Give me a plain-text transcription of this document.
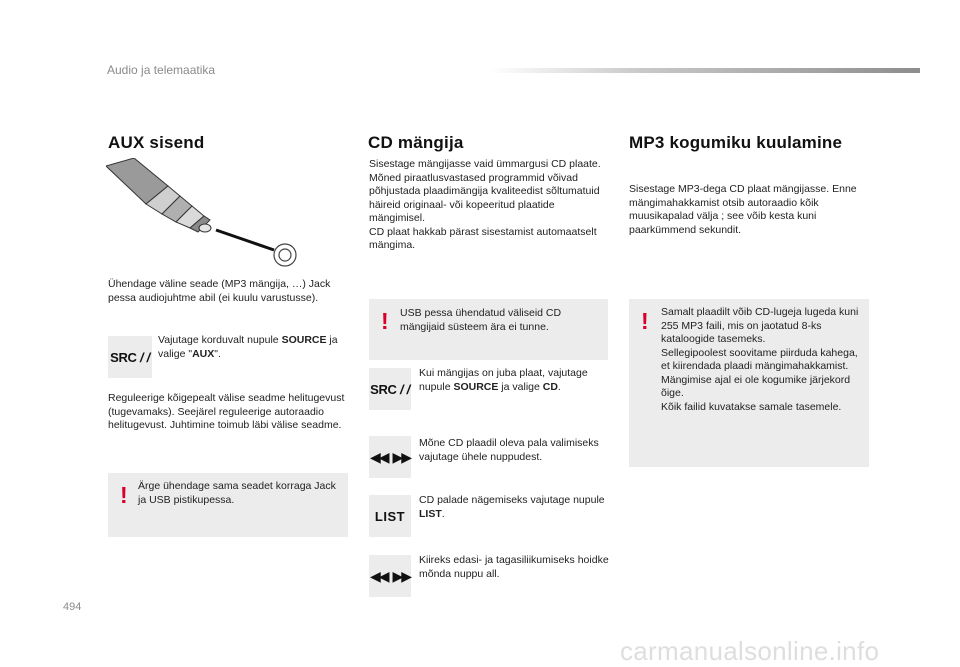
Audio ja telemaatika
AUX sisend
Ühendage väline seade (MP3 mängija, …) Jack pessa audiojuhtme abil (ei kuulu varustusse).
SRC / /
Vajutage korduvalt nupule SOURCE ja valige "AUX".
Reguleerige kõigepealt välise seadme helitugevust (tugevamaks). Seejärel reguleerige autoraadio helitugevust. Juhtimine toimub läbi välise seadme.
! Ärge ühendage sama seadet korraga Jack ja USB pistikupessa.
CD mängija
Sisestage mängijasse vaid ümmargusi CD plaate.
Mõned piraatlusvastased programmid võivad põhjustada plaadimängija kvaliteedist sõltumatuid häireid originaal- või kopeeritud plaatide mängimisel.
CD plaat hakkab pärast sisestamist automaatselt mängima.
! USB pessa ühendatud väliseid CD mängijaid süsteem ära ei tunne.
SRC / /
Kui mängijas on juba plaat, vajutage nupule SOURCE ja valige CD.
◀◀ ▶▶
Mõne CD plaadil oleva pala valimiseks vajutage ühele nuppudest.
LIST
CD palade nägemiseks vajutage nupule LIST.
◀◀ ▶▶
Kiireks edasi- ja tagasiliikumiseks hoidke mõnda nuppu all.
MP3 kogumiku kuulamine
Sisestage MP3-dega CD plaat mängijasse. Enne mängimahakkamist otsib autoraadio kõik muusikapalad välja ; see võib kesta kuni paarkümmend sekundit.
! Samalt plaadilt võib CD-lugeja lugeda kuni 255 MP3 faili, mis on jaotatud 8-ks kataloogide tasemeks.
Sellegipoolest soovitame piirduda kahega, et kiirendada plaadi mängimahakkamist.
Mängimise ajal ei ole kogumike järjekord õige.
Kõik failid kuvatakse samale tasemele.
494
carmanualsonline.info
